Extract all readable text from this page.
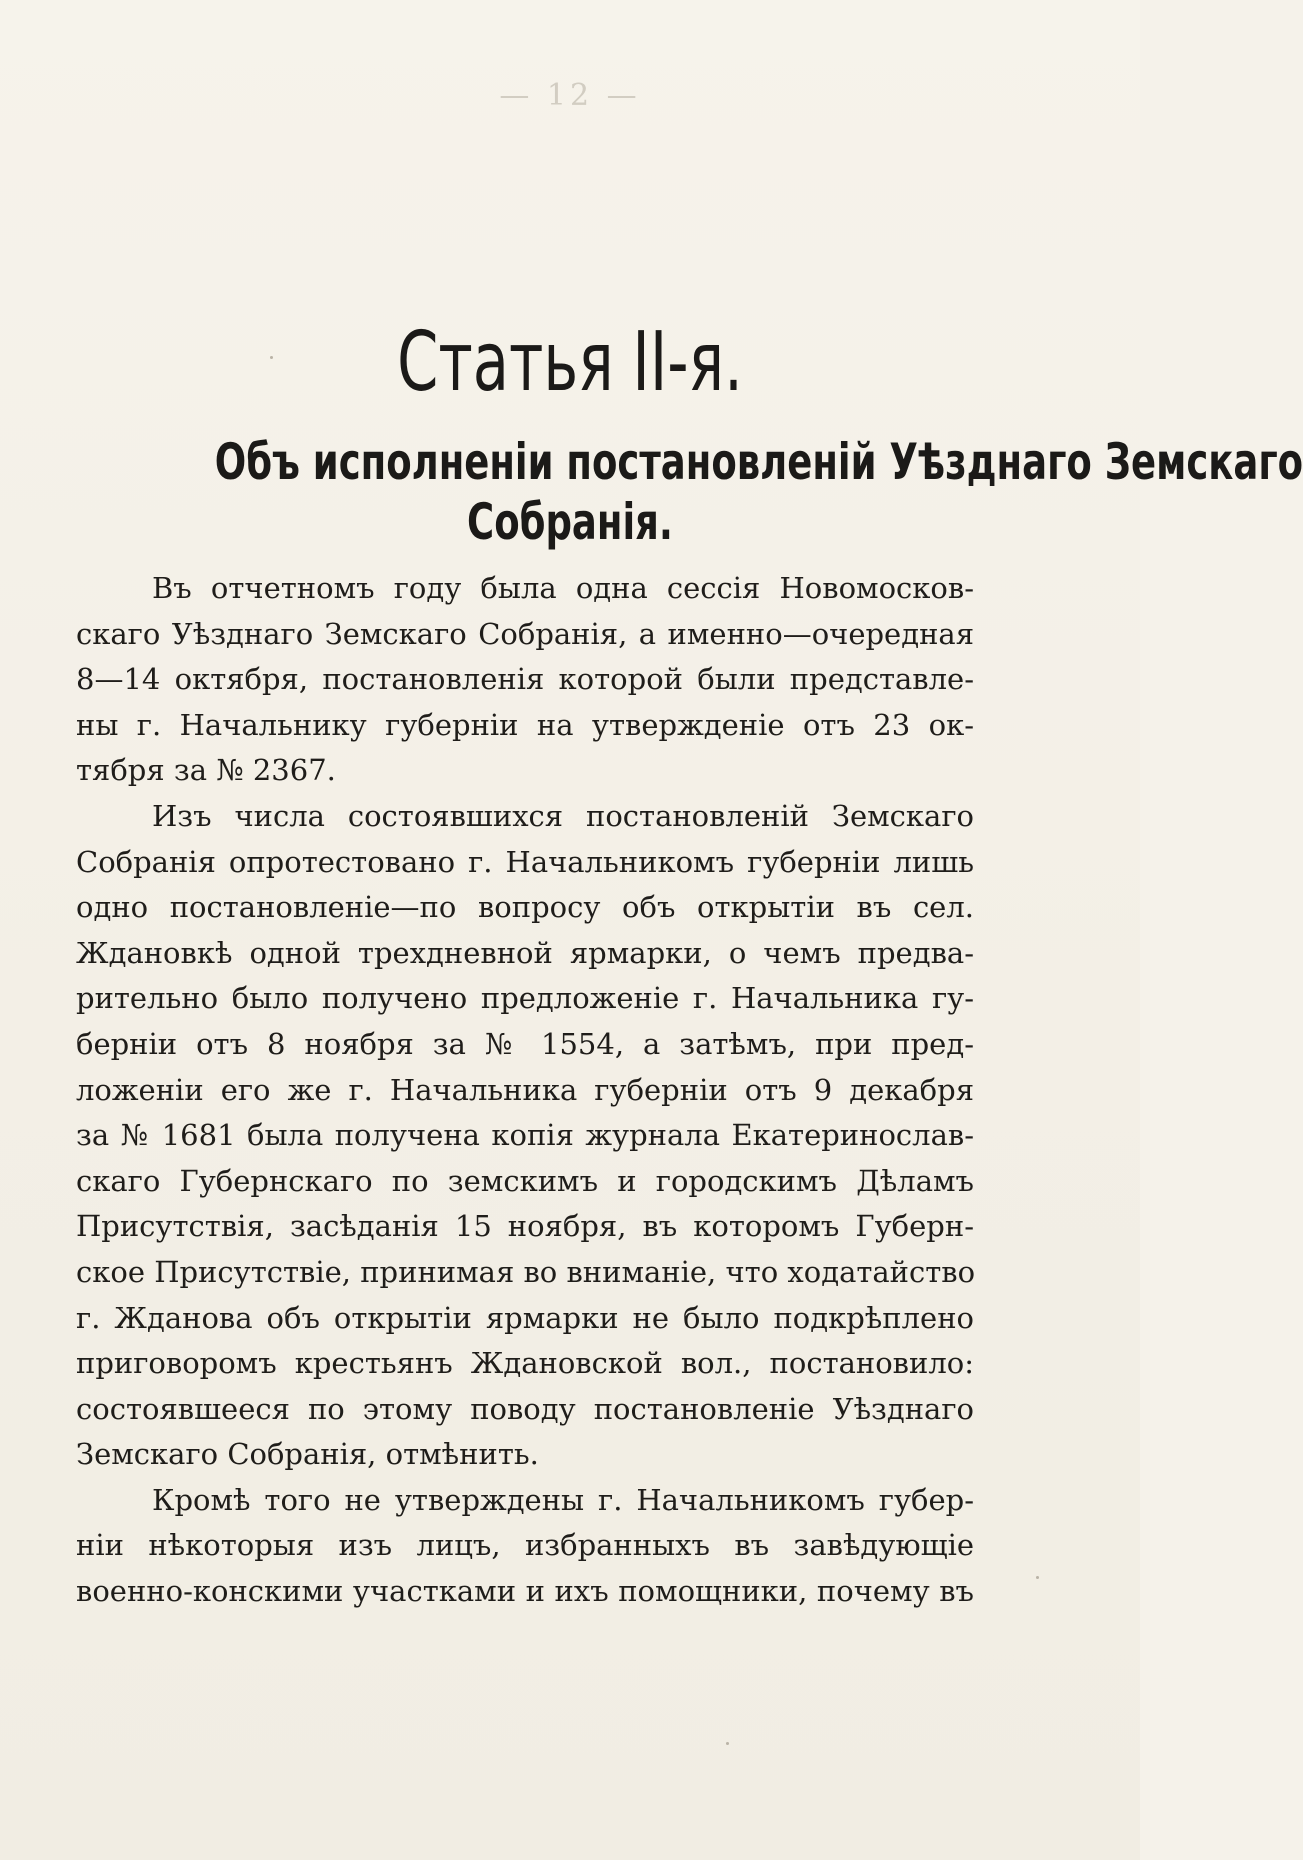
— 12 —
Статья II-я.
Объ исполненіи постановленій Уѣзднаго Земскаго
Собранія.
Въ отчетномъ году была одна сессія Новомосков-
скаго Уѣзднаго Земскаго Собранія, а именно—очередная
8—14 октября, постановленія которой были представле-
ны г. Начальнику губерніи на утвержденіе отъ 23 ок-
тября за № 2367.
Изъ числа состоявшихся постановленій Земскаго
Собранія опротестовано г. Начальникомъ губерніи лишь
одно постановленіе—по вопросу объ открытіи въ сел.
Ждановкѣ одной трехдневной ярмарки, о чемъ предва-
рительно было получено предложеніе г. Начальника гу-
берніи отъ 8 ноября за № 1554, а затѣмъ, при пред-
ложеніи его же г. Начальника губерніи отъ 9 декабря
за № 1681 была получена копія журнала Екатеринослав-
скаго Губернскаго по земскимъ и городскимъ Дѣламъ
Присутствія, засѣданія 15 ноября, въ которомъ Губерн-
ское Присутствіе, принимая во вниманіе, что ходатайство
г. Жданова объ открытіи ярмарки не было подкрѣплено
приговоромъ крестьянъ Ждановской вол., постановило:
состоявшееся по этому поводу постановленіе Уѣзднаго
Земскаго Собранія, отмѣнить.
Кромѣ того не утверждены г. Начальникомъ губер-
ніи нѣкоторыя изъ лицъ, избранныхъ въ завѣдующіе
военно-конскими участками и ихъ помощники, почему въ
